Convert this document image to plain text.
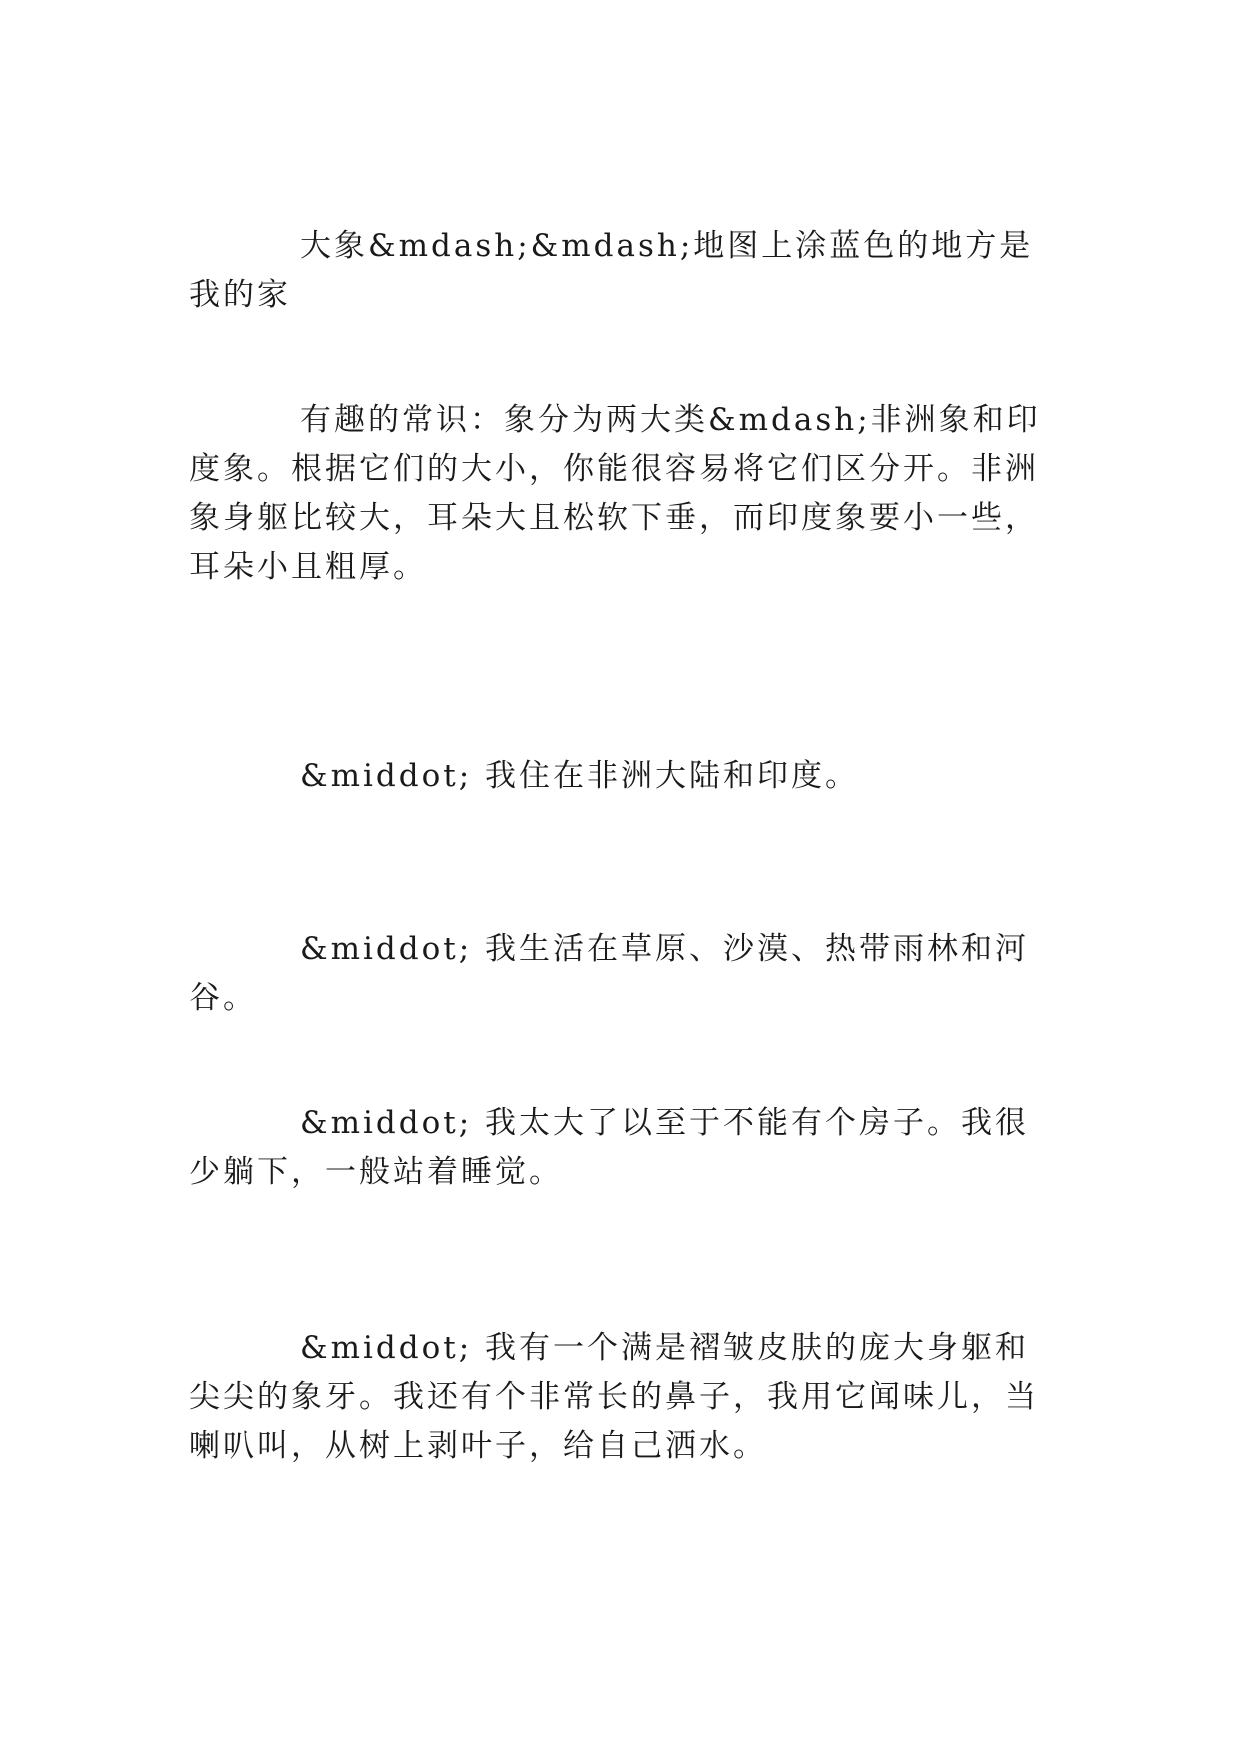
大象&mdash;&mdash;地图上涂蓝色的地方是我的家

有趣的常识：象分为两大类&mdash;非洲象和印度象。根据它们的大小，你能很容易将它们区分开。非洲象身躯比较大，耳朵大且松软下垂，而印度象要小一些，耳朵小且粗厚。

&middot; 我住在非洲大陆和印度。

&middot; 我生活在草原、沙漠、热带雨林和河谷。

&middot; 我太大了以至于不能有个房子。我很少躺下，一般站着睡觉。

&middot; 我有一个满是褶皱皮肤的庞大身躯和尖尖的象牙。我还有个非常长的鼻子，我用它闻味儿，当喇叭叫，从树上剥叶子，给自己洒水。
